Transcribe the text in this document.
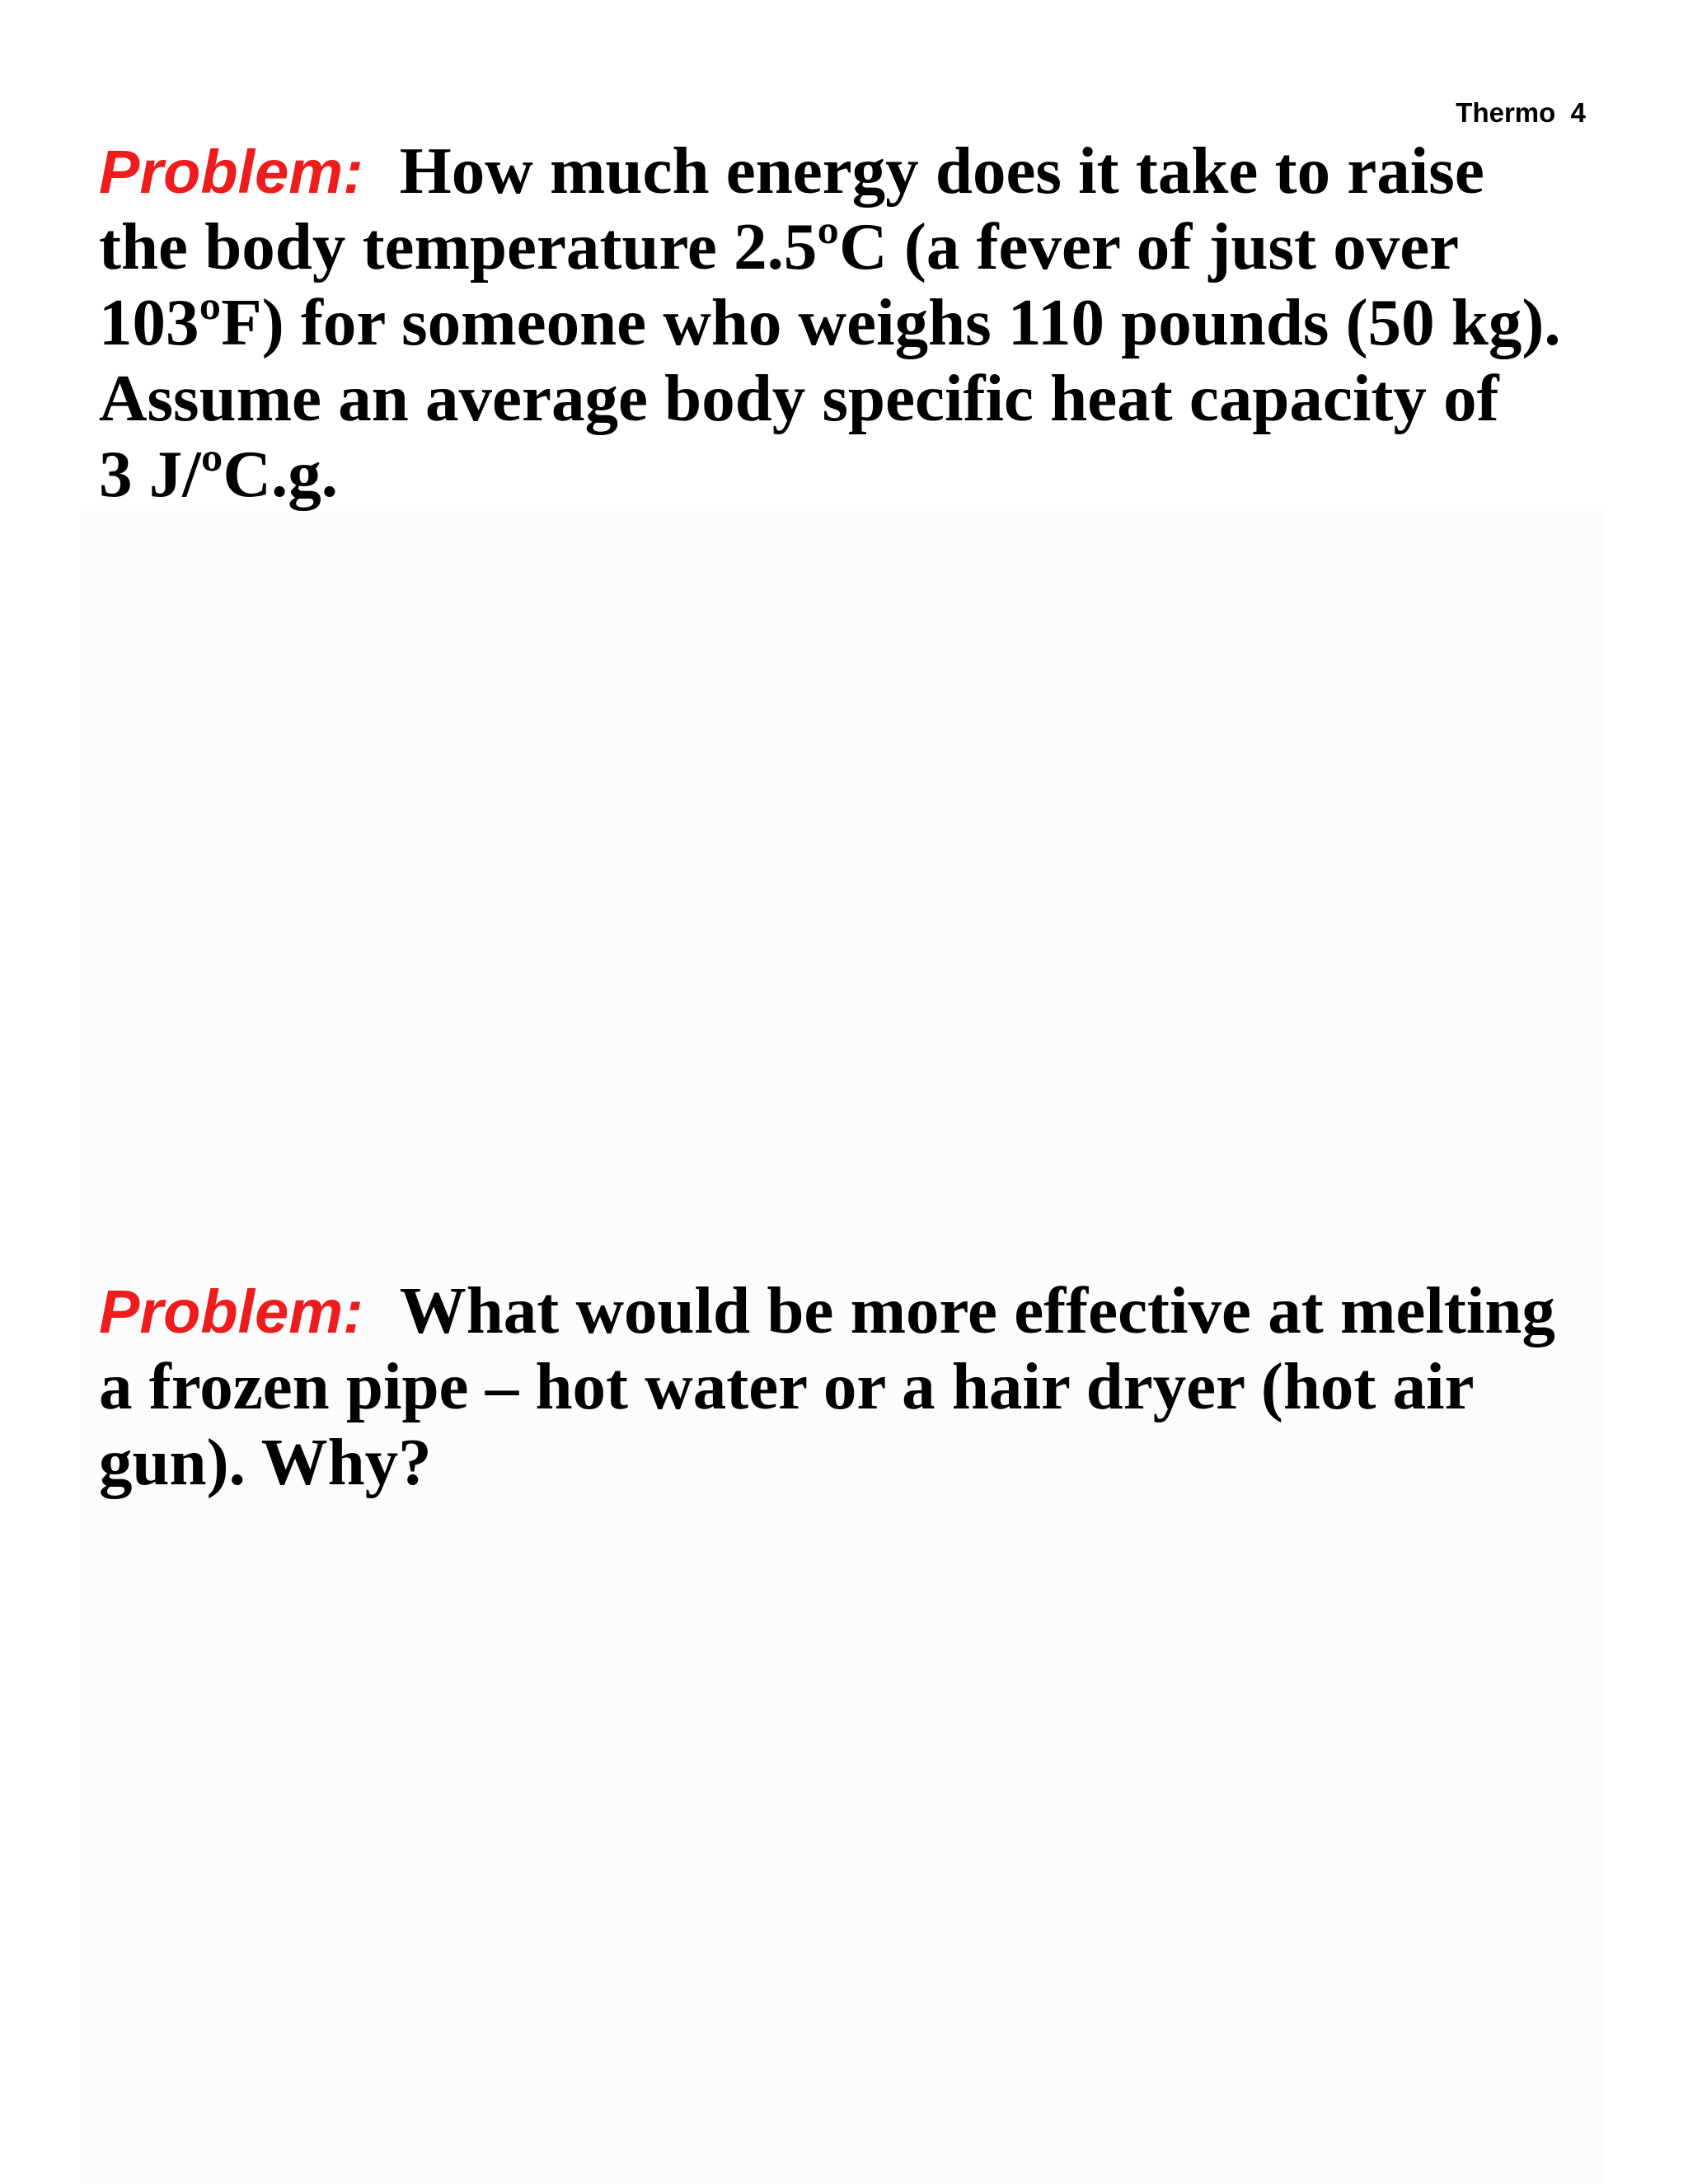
Thermo  4
Problem: How much energy does it take to raise
the body temperature 2.5ºC (a fever of just over
103ºF) for someone who weighs 110 pounds (50 kg).
Assume an average body specific heat capacity of
3 J/ºC.g.
Problem: What would be more effective at melting
a frozen pipe – hot water or a hair dryer (hot air
gun). Why?
